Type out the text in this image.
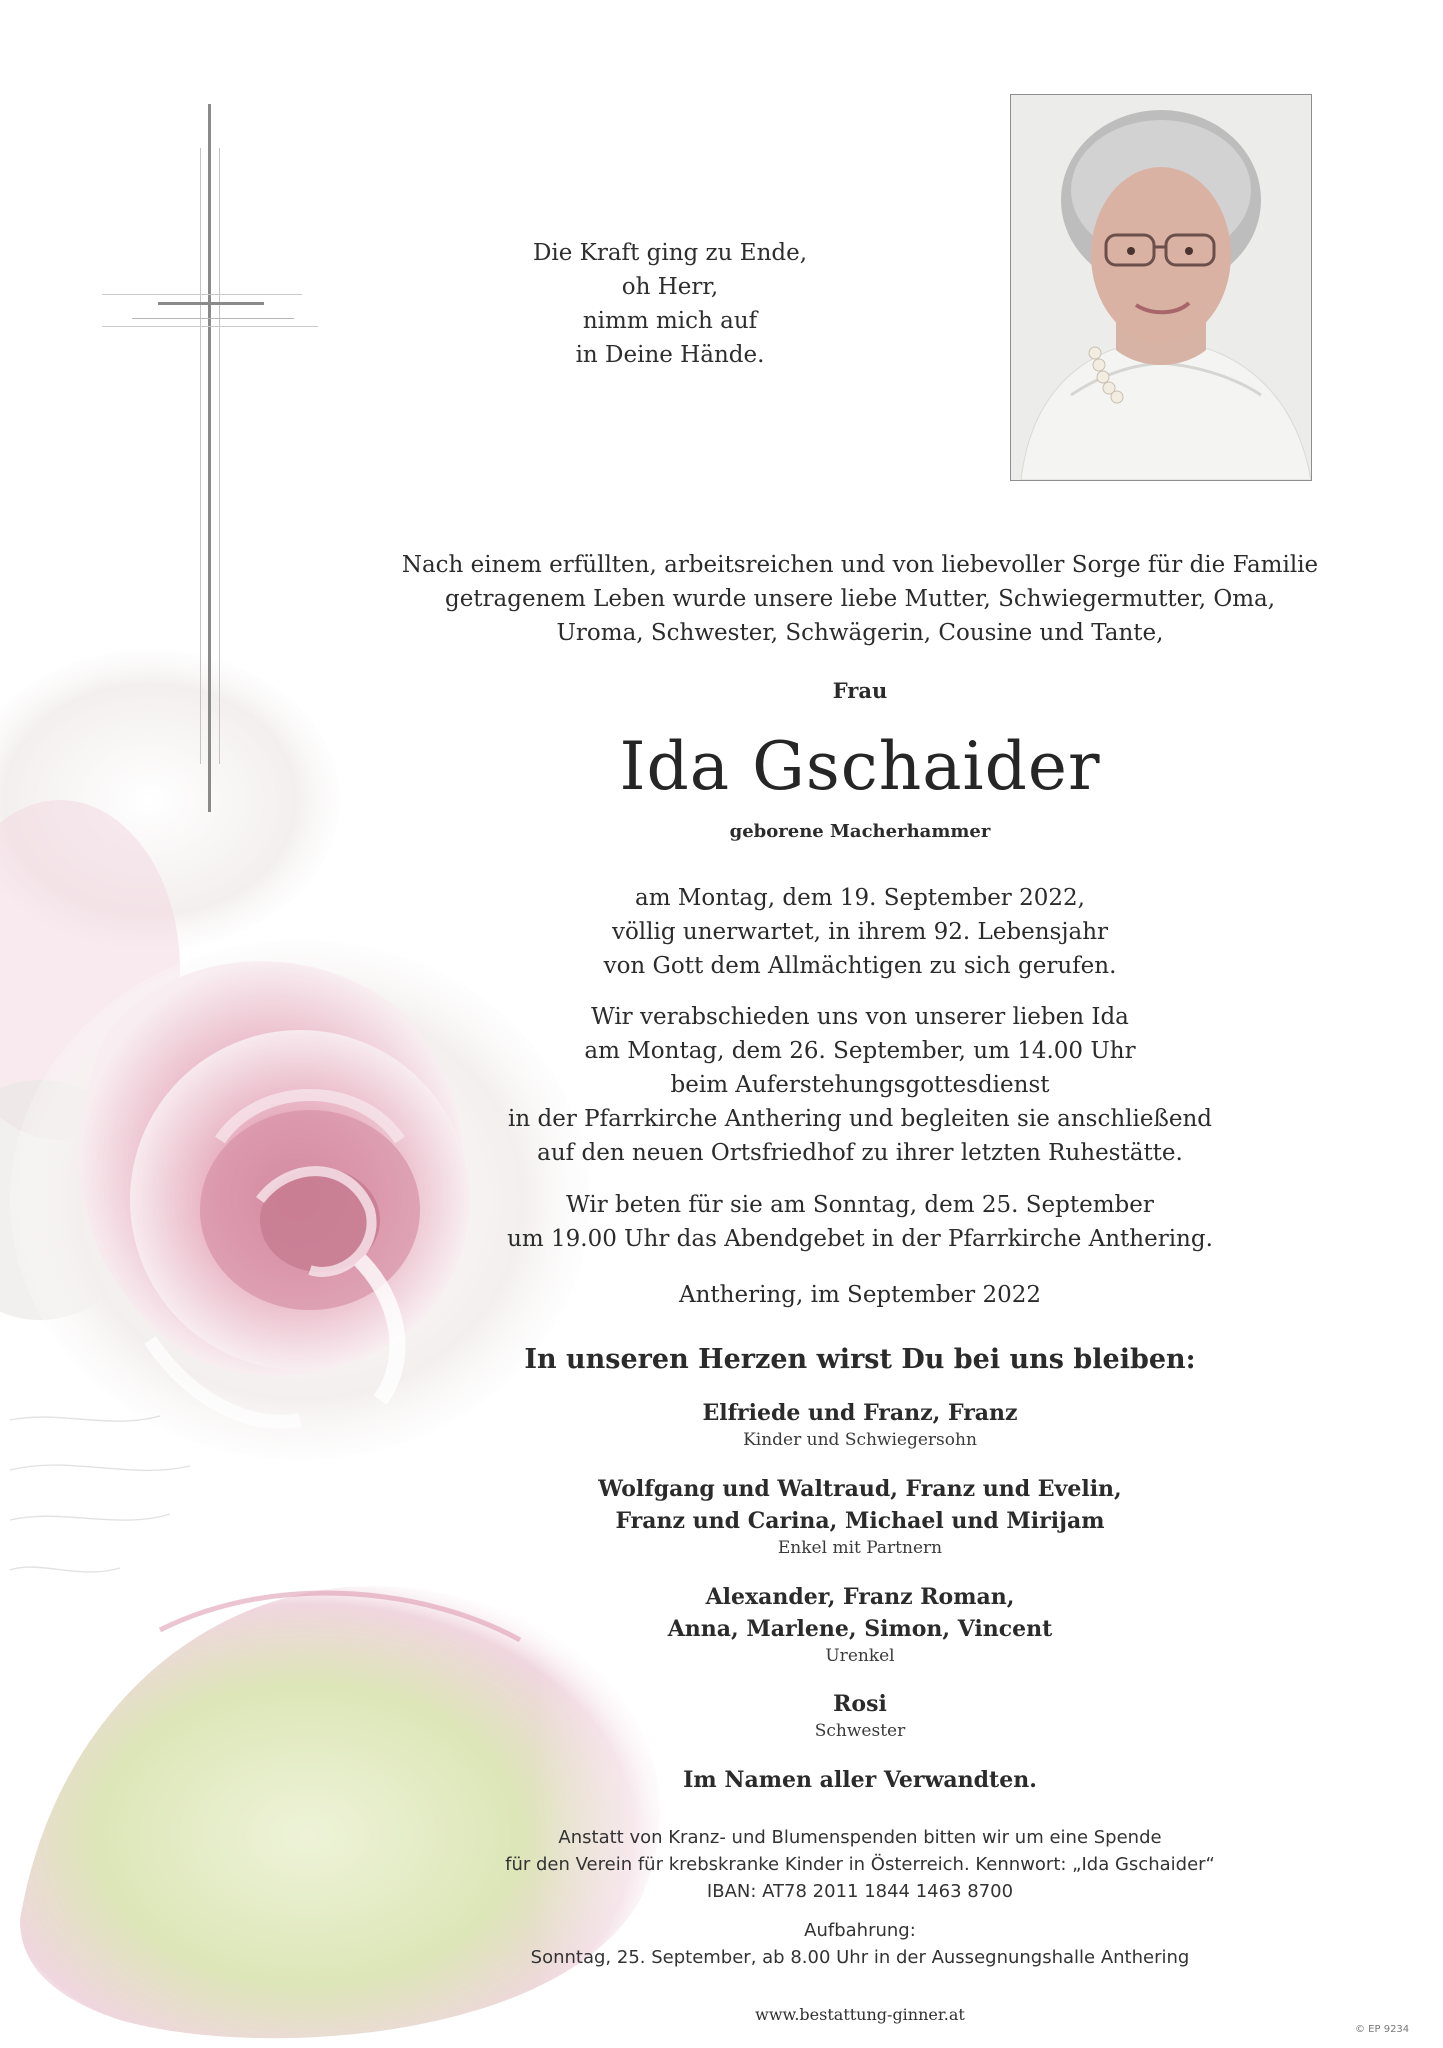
Die Kraft ging zu Ende,
oh Herr,
nimm mich auf
in Deine Hände.
Nach einem erfüllten, arbeitsreichen und von liebevoller Sorge für die Familie
getragenem Leben wurde unsere liebe Mutter, Schwiegermutter, Oma,
Uroma, Schwester, Schwägerin, Cousine und Tante,
Frau
Ida Gschaider
geborene Macherhammer
am Montag, dem 19. September 2022,
völlig unerwartet, in ihrem 92. Lebensjahr
von Gott dem Allmächtigen zu sich gerufen.
Wir verabschieden uns von unserer lieben Ida
am Montag, dem 26. September, um 14.00 Uhr
beim Auferstehungsgottesdienst
in der Pfarrkirche Anthering und begleiten sie anschließend
auf den neuen Ortsfriedhof zu ihrer letzten Ruhestätte.
Wir beten für sie am Sonntag, dem 25. September
um 19.00 Uhr das Abendgebet in der Pfarrkirche Anthering.
Anthering, im September 2022
In unseren Herzen wirst Du bei uns bleiben:
Elfriede und Franz, Franz
Kinder und Schwiegersohn
Wolfgang und Waltraud, Franz und Evelin,
Franz und Carina, Michael und Mirijam
Enkel mit Partnern
Alexander, Franz Roman,
Anna, Marlene, Simon, Vincent
Urenkel
Rosi
Schwester
Im Namen aller Verwandten.
Anstatt von Kranz- und Blumenspenden bitten wir um eine Spende
für den Verein für krebskranke Kinder in Österreich. Kennwort: „Ida Gschaider“
IBAN: AT78 2011 1844 1463 8700
Aufbahrung:
Sonntag, 25. September, ab 8.00 Uhr in der Aussegnungshalle Anthering
www.bestattung-ginner.at
© EP 9234
